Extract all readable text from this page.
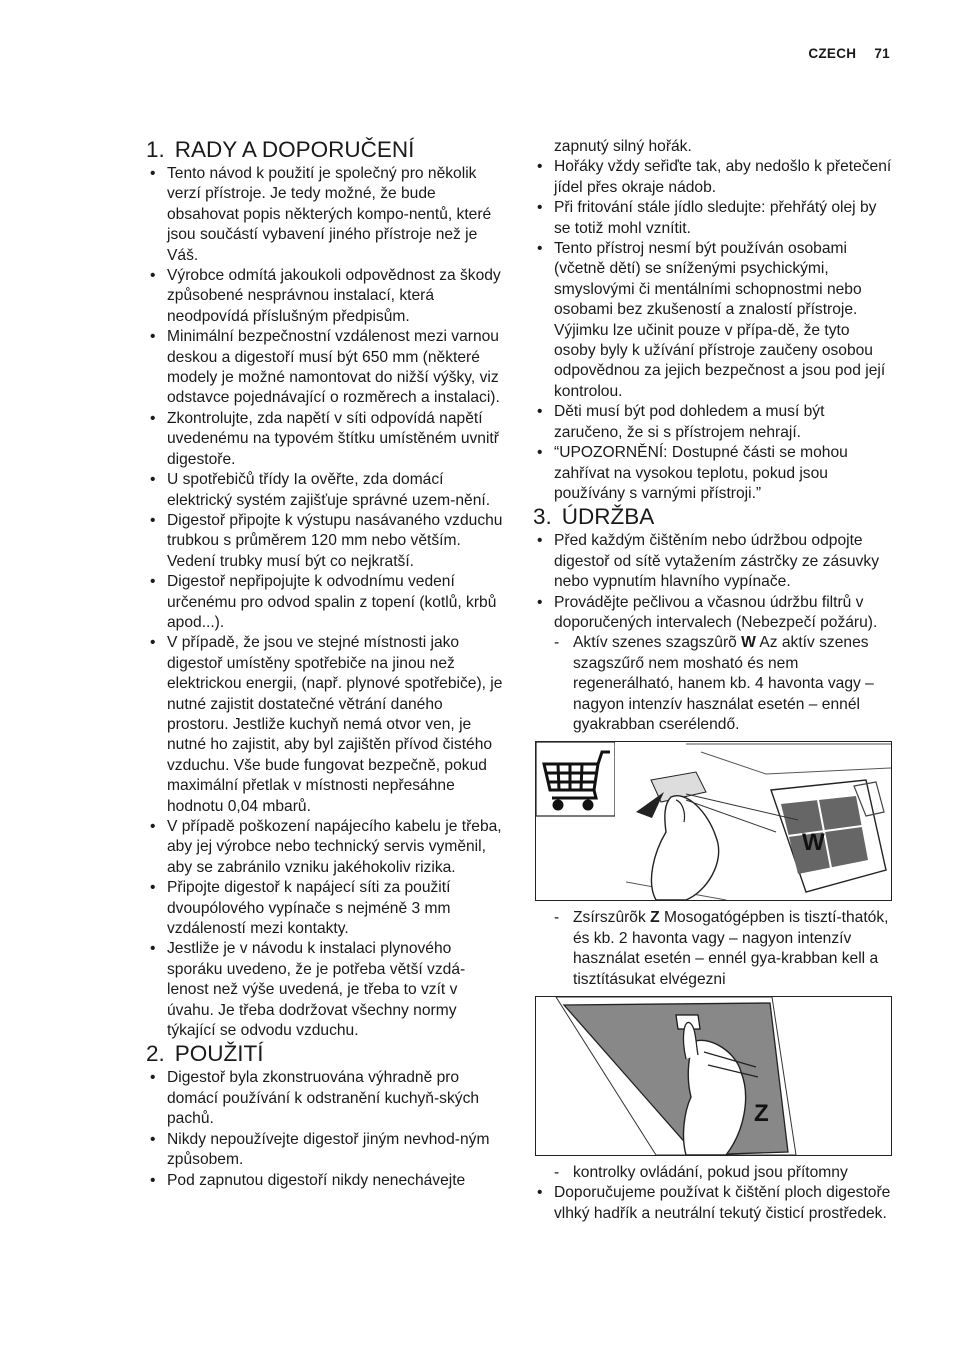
CZECH 71
1. RADY A DOPORUČENÍ
• Tento návod k použití je společný pro několik verzí přístroje. Je tedy možné, že bude obsahovat popis některých kompo-nentů, které jsou součástí vybavení jiného přístroje než je Váš.
• Výrobce odmítá jakoukoli odpovědnost za škody způsobené nesprávnou instalací, která neodpovídá příslušným předpisům.
• Minimální bezpečnostní vzdálenost mezi varnou deskou a digestoří musí být 650 mm (některé modely je možné namontovat do nižší výšky, viz odstavce pojednávající o rozměrech a instalaci).
• Zkontrolujte, zda napětí v síti odpovídá napětí uvedenému na typovém štítku umístěném uvnitř digestoře.
• U spotřebičů třídy Ia ověřte, zda domácí elektrický systém zajišťuje správné uzem-nění.
• Digestoř připojte k výstupu nasávaného vzduchu trubkou s průměrem 120 mm nebo větším. Vedení trubky musí být co nejkratší.
• Digestoř nepřipojujte k odvodnímu vedení určenému pro odvod spalin z topení (kotlů, krbů apod...).
• V případě, že jsou ve stejné místnosti jako digestoř umístěny spotřebiče na jinou než elektrickou energii, (např. plynové spotřebiče), je nutné zajistit dostatečné větrání daného prostoru. Jestliže kuchyň nemá otvor ven, je nutné ho zajistit, aby byl zajištěn přívod čistého vzduchu. Vše bude fungovat bezpečně, pokud maximální přetlak v místnosti nepřesáhne hodnotu 0,04 mbarů.
• V případě poškození napájecího kabelu je třeba, aby jej výrobce nebo technický servis vyměnil, aby se zabránilo vzniku jakéhokoliv rizika.
• Připojte digestoř k napájecí síti za použití dvoupólového vypínače s nejméně 3 mm vzdáleností mezi kontakty.
• Jestliže je v návodu k instalaci plynového sporáku uvedeno, že je potřeba větší vzdá-lenost než výše uvedená, je třeba to vzít v úvahu. Je třeba dodržovat všechny normy týkající se odvodu vzduchu.
2. POUŽITÍ
• Digestoř byla zkonstruována výhradně pro domácí používání k odstranění kuchyň-ských pachů.
• Nikdy nepoužívejte digestoř jiným nevhod-ným způsobem.
• Pod zapnutou digestoří nikdy nenechávejte
zapnutý silný hořák.
• Hořáky vždy seřiďte tak, aby nedošlo k přetečení jídel přes okraje nádob.
• Při fritování stále jídlo sledujte: přehřátý olej by se totiž mohl vznítit.
• Tento přístroj nesmí být používán osobami (včetně dětí) se sníženými psychickými, smyslovými či mentálními schopnostmi nebo osobami bez zkušeností a znalostí přístroje. Výjimku lze učinit pouze v přípa-dě, že tyto osoby byly k užívání přístroje zaučeny osobou odpovědnou za jejich bezpečnost a jsou pod její kontrolou.
• Děti musí být pod dohledem a musí být zaručeno, že si s přístrojem nehrají.
• “UPOZORNĚNÍ: Dostupné části se mohou zahřívat na vysokou teplotu, pokud jsou používány s varnými přístroji.”
3. ÚDRŽBA
• Před každým čištěním nebo údržbou odpojte digestoř od sítě vytažením zástrčky ze zásuvky nebo vypnutím hlavního vypínače.
• Provádějte pečlivou a včasnou údržbu filtrů v doporučených intervalech (Nebezpečí požáru).
- Aktív szenes szagszûrõ W Az aktív szenes szagszűrő nem mosható és nem regenerálható, hanem kb. 4 havonta vagy – nagyon intenzív használat esetén – ennél gyakrabban cserélendő.
W
- Zsírszûrõk Z Mosogatógépben is tisztí-thatók, és kb. 2 havonta vagy – nagyon intenzív használat esetén – ennél gya-krabban kell a tisztításukat elvégezni
Z
- kontrolky ovládání, pokud jsou přítomny
• Doporučujeme používat k čištění ploch digestoře vlhký hadřík a neutrální tekutý čisticí prostředek.
